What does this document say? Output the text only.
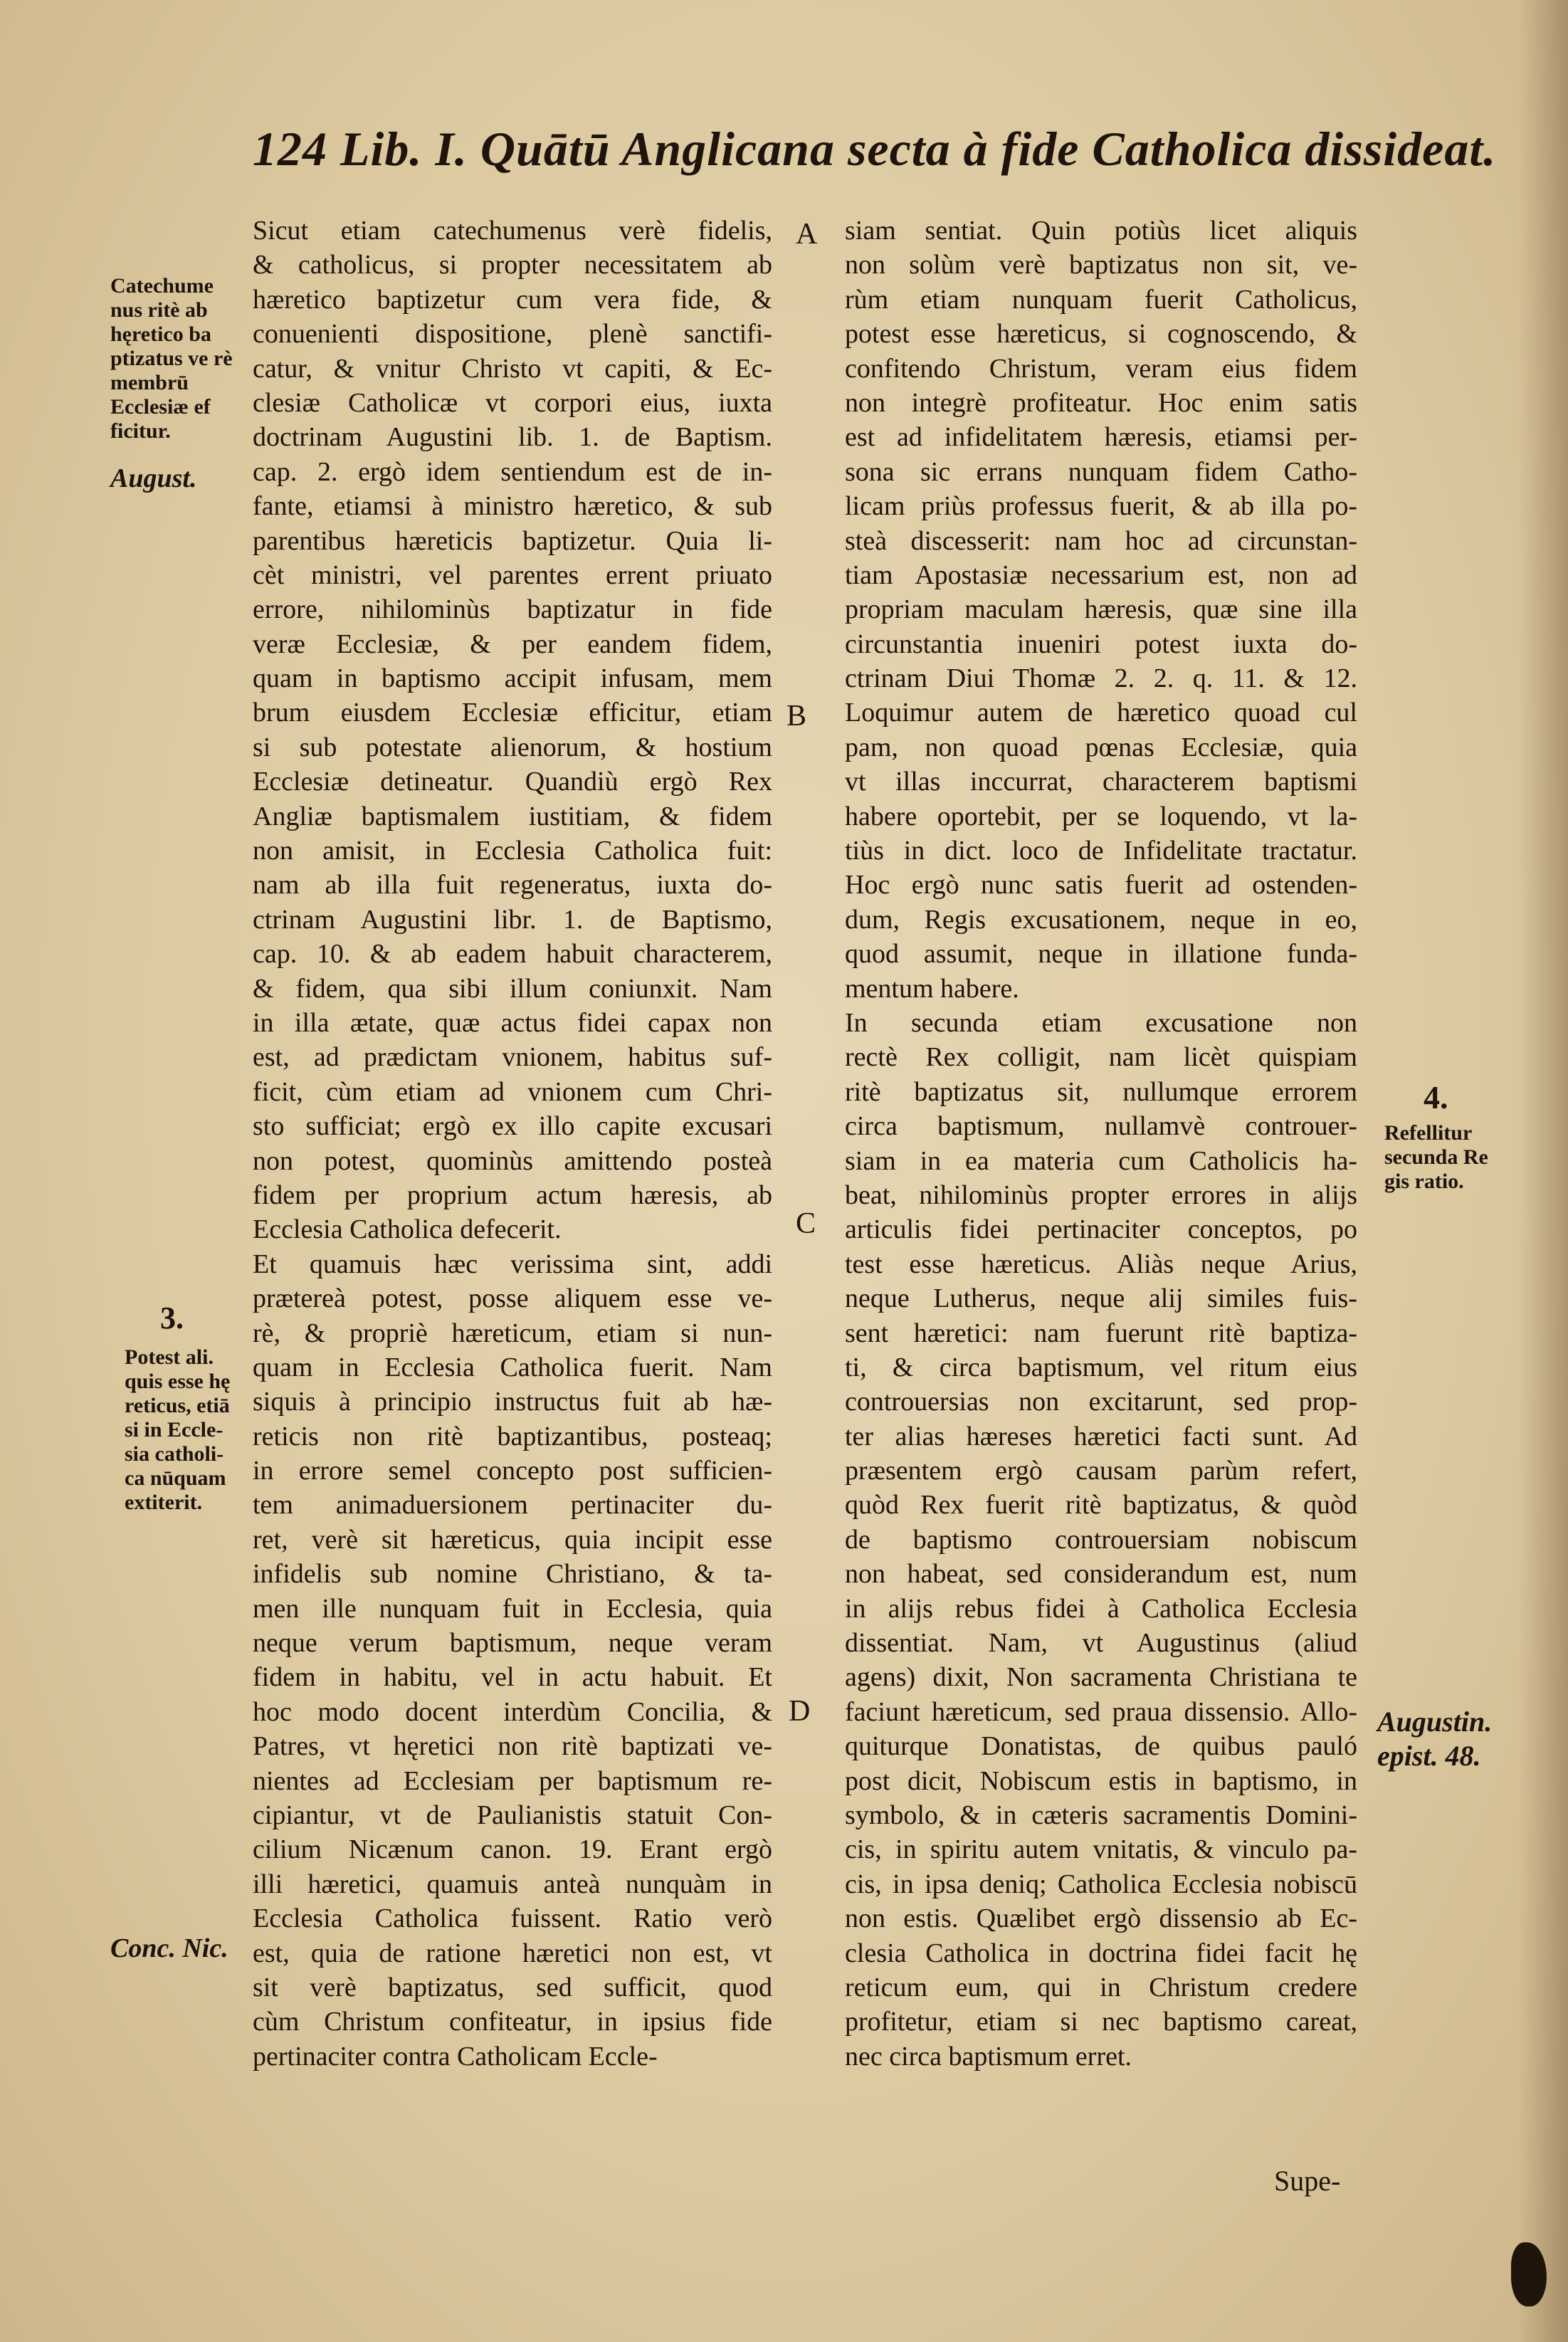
124 Lib. I. Quātū Anglicana secta à fide Catholica dissideat.
Sicut etiam catechumenus verè fidelis,
& catholicus, si propter necessitatem ab
hæretico baptizetur cum vera fide, &
conuenienti dispositione, plenè sanctifi-
catur, & vnitur Christo vt capiti, & Ec-
clesiæ Catholicæ vt corpori eius, iuxta
doctrinam Augustini lib. 1. de Baptism.
cap. 2. ergò idem sentiendum est de in-
fante, etiamsi à ministro hæretico, & sub
parentibus hæreticis baptizetur. Quia li-
cèt ministri, vel parentes errent priuato
errore, nihilominùs baptizatur in fide
veræ Ecclesiæ, & per eandem fidem,
quam in baptismo accipit infusam, mem
brum eiusdem Ecclesiæ efficitur, etiam
si sub potestate alienorum, & hostium
Ecclesiæ detineatur. Quandiù ergò Rex
Angliæ baptismalem iustitiam, & fidem
non amisit, in Ecclesia Catholica fuit:
nam ab illa fuit regeneratus, iuxta do-
ctrinam Augustini libr. 1. de Baptismo,
cap. 10. & ab eadem habuit characterem,
& fidem, qua sibi illum coniunxit. Nam
in illa ætate, quæ actus fidei capax non
est, ad prædictam vnionem, habitus suf-
ficit, cùm etiam ad vnionem cum Chri-
sto sufficiat; ergò ex illo capite excusari
non potest, quominùs amittendo posteà
fidem per proprium actum hæresis, ab
Ecclesia Catholica defecerit.
Et quamuis hæc verissima sint, addi
prætereà potest, posse aliquem esse ve-
rè, & propriè hæreticum, etiam si nun-
quam in Ecclesia Catholica fuerit. Nam
siquis à principio instructus fuit ab hæ-
reticis non ritè baptizantibus, posteaq;
in errore semel concepto post sufficien-
tem animaduersionem pertinaciter du-
ret, verè sit hæreticus, quia incipit esse
infidelis sub nomine Christiano, & ta-
men ille nunquam fuit in Ecclesia, quia
neque verum baptismum, neque veram
fidem in habitu, vel in actu habuit. Et
hoc modo docent interdùm Concilia, &
Patres, vt hęretici non ritè baptizati ve-
nientes ad Ecclesiam per baptismum re-
cipiantur, vt de Paulianistis statuit Con-
cilium Nicænum canon. 19. Erant ergò
illi hæretici, quamuis anteà nunquàm in
Ecclesia Catholica fuissent. Ratio verò
est, quia de ratione hæretici non est, vt
sit verè baptizatus, sed sufficit, quod
cùm Christum confiteatur, in ipsius fide
pertinaciter contra Catholicam Eccle-
siam sentiat. Quin potiùs licet aliquis
non solùm verè baptizatus non sit, ve-
rùm etiam nunquam fuerit Catholicus,
potest esse hæreticus, si cognoscendo, &
confitendo Christum, veram eius fidem
non integrè profiteatur. Hoc enim satis
est ad infidelitatem hæresis, etiamsi per-
sona sic errans nunquam fidem Catho-
licam priùs professus fuerit, & ab illa po-
steà discesserit: nam hoc ad circunstan-
tiam Apostasiæ necessarium est, non ad
propriam maculam hæresis, quæ sine illa
circunstantia inueniri potest iuxta do-
ctrinam Diui Thomæ 2. 2. q. 11. & 12.
Loquimur autem de hæretico quoad cul
pam, non quoad pœnas Ecclesiæ, quia
vt illas inccurrat, characterem baptismi
habere oportebit, per se loquendo, vt la-
tiùs in dict. loco de Infidelitate tractatur.
Hoc ergò nunc satis fuerit ad ostenden-
dum, Regis excusationem, neque in eo,
quod assumit, neque in illatione funda-
mentum habere.
In secunda etiam excusatione non
rectè Rex colligit, nam licèt quispiam
ritè baptizatus sit, nullumque errorem
circa baptismum, nullamvè controuer-
siam in ea materia cum Catholicis ha-
beat, nihilominùs propter errores in alijs
articulis fidei pertinaciter conceptos, po
test esse hæreticus. Aliàs neque Arius,
neque Lutherus, neque alij similes fuis-
sent hæretici: nam fuerunt ritè baptiza-
ti, & circa baptismum, vel ritum eius
controuersias non excitarunt, sed prop-
ter alias hæreses hæretici facti sunt. Ad
præsentem ergò causam parùm refert,
quòd Rex fuerit ritè baptizatus, & quòd
de baptismo controuersiam nobiscum
non habeat, sed considerandum est, num
in alijs rebus fidei à Catholica Ecclesia
dissentiat. Nam, vt Augustinus (aliud
agens) dixit, Non sacramenta Christiana te
faciunt hæreticum, sed praua dissensio. Allo-
quiturque Donatistas, de quibus pauló
post dicit, Nobiscum estis in baptismo, in
symbolo, & in cæteris sacramentis Domini-
cis, in spiritu autem vnitatis, & vinculo pa-
cis, in ipsa deniq; Catholica Ecclesia nobiscū
non estis. Quælibet ergò dissensio ab Ec-
clesia Catholica in doctrina fidei facit hę
reticum eum, qui in Christum credere
profitetur, etiam si nec baptismo careat,
nec circa baptismum erret.
A
B
C
D
Catechume nus ritè ab hęretico ba ptizatus ve rè membrū Ecclesiæ ef ficitur.
August.
3.
Potest ali. quis esse hę reticus, etiā si in Eccle- sia catholi- ca nūquam extiterit.
Conc. Nic.
4.
Refellitur secunda Re gis ratio.
Augustin. epist. 48.
Supe-
